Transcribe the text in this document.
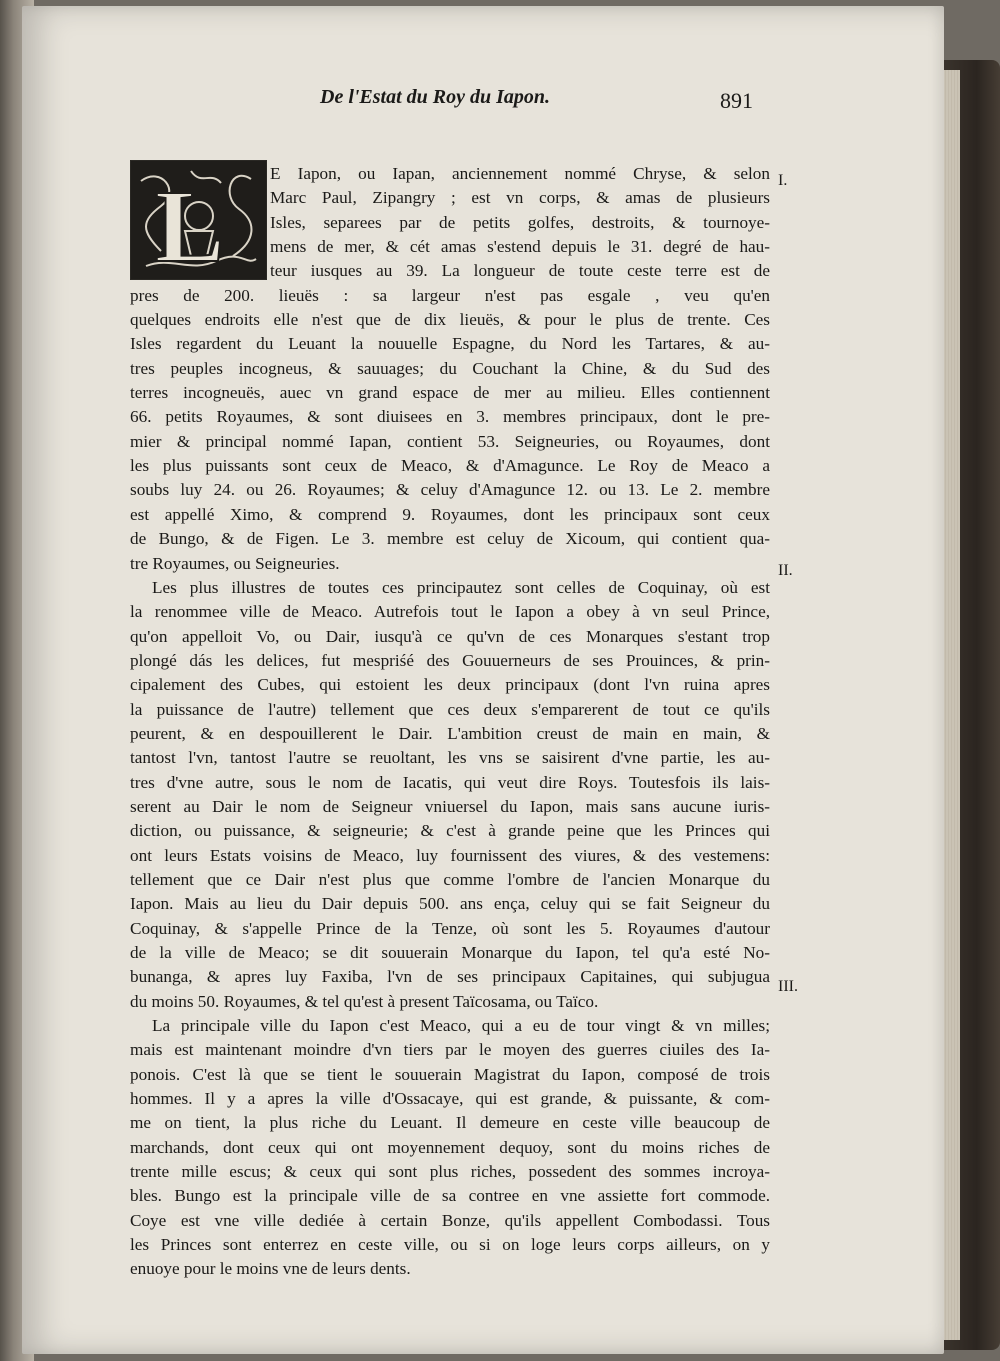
De l'Estat du Roy du Iapon.	891
L	I.
II.
III.
E Iapon, ou Iapan, anciennement nommé Chryse, & selon
Marc Paul, Zipangry ; est vn corps, & amas de plusieurs
Isles, separees par de petits golfes, destroits, & tournoye-
mens de mer, & cét amas s'estend depuis le 31. degré de hau-
teur iusques au 39. La longueur de toute ceste terre est de
pres de 200. lieuës : sa largeur n'est pas esgale , veu qu'en
quelques endroits elle n'est que de dix lieuës, & pour le plus de trente. Ces
Isles regardent du Leuant la nouuelle Espagne, du Nord les Tartares, & au-
tres peuples incogneus, & sauuages; du Couchant la Chine, & du Sud des
terres incogneuës, auec vn grand espace de mer au milieu. Elles contiennent
66. petits Royaumes, & sont diuisees en 3. membres principaux, dont le pre-
mier & principal nommé Iapan, contient 53. Seigneuries, ou Royaumes, dont
les plus puissants sont ceux de Meaco, & d'Amagunce. Le Roy de Meaco a
soubs luy 24. ou 26. Royaumes; & celuy d'Amagunce 12. ou 13. Le 2. membre
est appellé Ximo, & comprend 9. Royaumes, dont les principaux sont ceux
de Bungo, & de Figen. Le 3. membre est celuy de Xicoum, qui contient qua-
tre Royaumes, ou Seigneuries.
Les plus illustres de toutes ces principautez sont celles de Coquinay, où est
la renommee ville de Meaco. Autrefois tout le Iapon a obey à vn seul Prince,
qu'on appelloit Vo, ou Dair, iusqu'à ce qu'vn de ces Monarques s'estant trop
plongé dás les delices, fut mespriśé des Gouuerneurs de ses Prouinces, & prin-
cipalement des Cubes, qui estoient les deux principaux (dont l'vn ruina apres
la puissance de l'autre) tellement que ces deux s'emparerent de tout ce qu'ils
peurent, & en despouillerent le Dair. L'ambition creust de main en main, &
tantost l'vn, tantost l'autre se reuoltant, les vns se saisirent d'vne partie, les au-
tres d'vne autre, sous le nom de Iacatis, qui veut dire Roys. Toutesfois ils lais-
serent au Dair le nom de Seigneur vniuersel du Iapon, mais sans aucune iuris-
diction, ou puissance, & seigneurie; & c'est à grande peine que les Princes qui
ont leurs Estats voisins de Meaco, luy fournissent des viures, & des vestemens:
tellement que ce Dair n'est plus que comme l'ombre de l'ancien Monarque du
Iapon. Mais au lieu du Dair depuis 500. ans ença, celuy qui se fait Seigneur du
Coquinay, & s'appelle Prince de la Tenze, où sont les 5. Royaumes d'autour
de la ville de Meaco; se dit souuerain Monarque du Iapon, tel qu'a esté No-
bunanga, & apres luy Faxiba, l'vn de ses principaux Capitaines, qui subjugua
du moins 50. Royaumes, & tel qu'est à present Taïcosama, ou Taïco.
La principale ville du Iapon c'est Meaco, qui a eu de tour vingt & vn milles;
mais est maintenant moindre d'vn tiers par le moyen des guerres ciuiles des Ia-
ponois. C'est là que se tient le souuerain Magistrat du Iapon, composé de trois
hommes. Il y a apres la ville d'Ossacaye, qui est grande, & puissante, & com-
me on tient, la plus riche du Leuant. Il demeure en ceste ville beaucoup de
marchands, dont ceux qui ont moyennement dequoy, sont du moins riches de
trente mille escus; & ceux qui sont plus riches, possedent des sommes incroya-
bles. Bungo est la principale ville de sa contree en vne assiette fort commode.
Coye est vne ville dediée à certain Bonze, qu'ils appellent Combodassi. Tous
les Princes sont enterrez en ceste ville, ou si on loge leurs corps ailleurs, on y
enuoye pour le moins vne de leurs dents.
